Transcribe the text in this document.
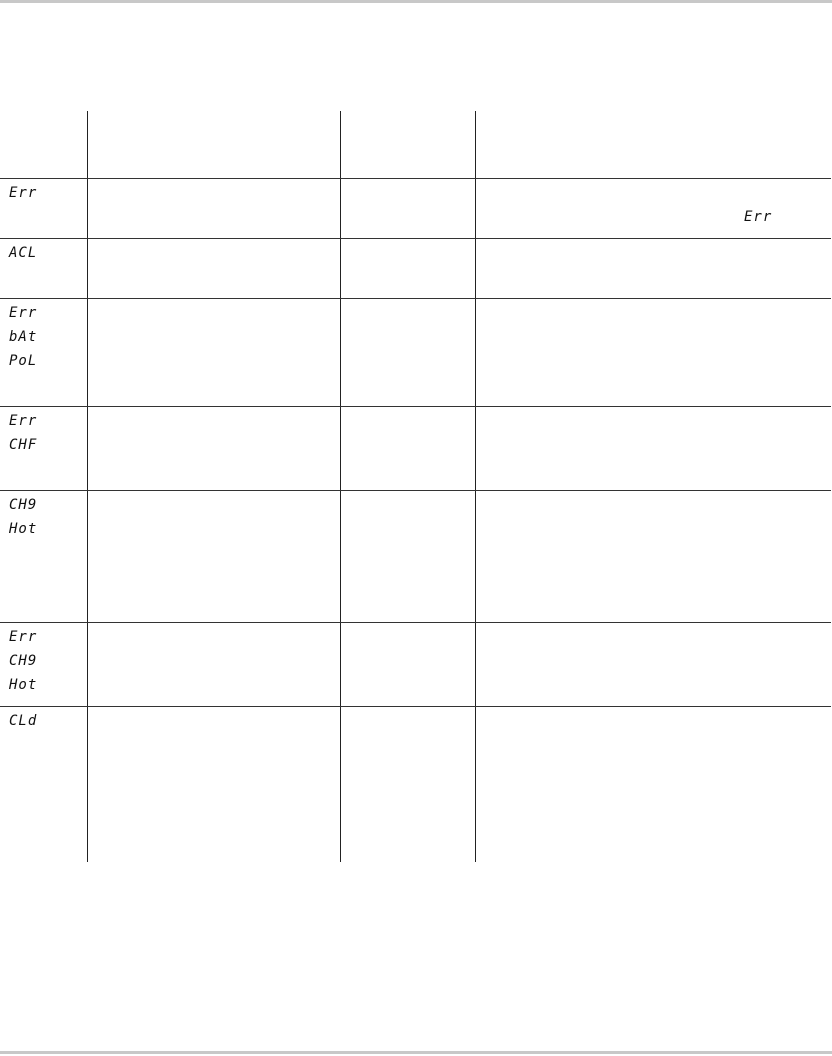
Err
Err
ACL
Err
bAt
PoL
Err
CHF
CH9
Hot
Err
CH9
Hot
CLd
